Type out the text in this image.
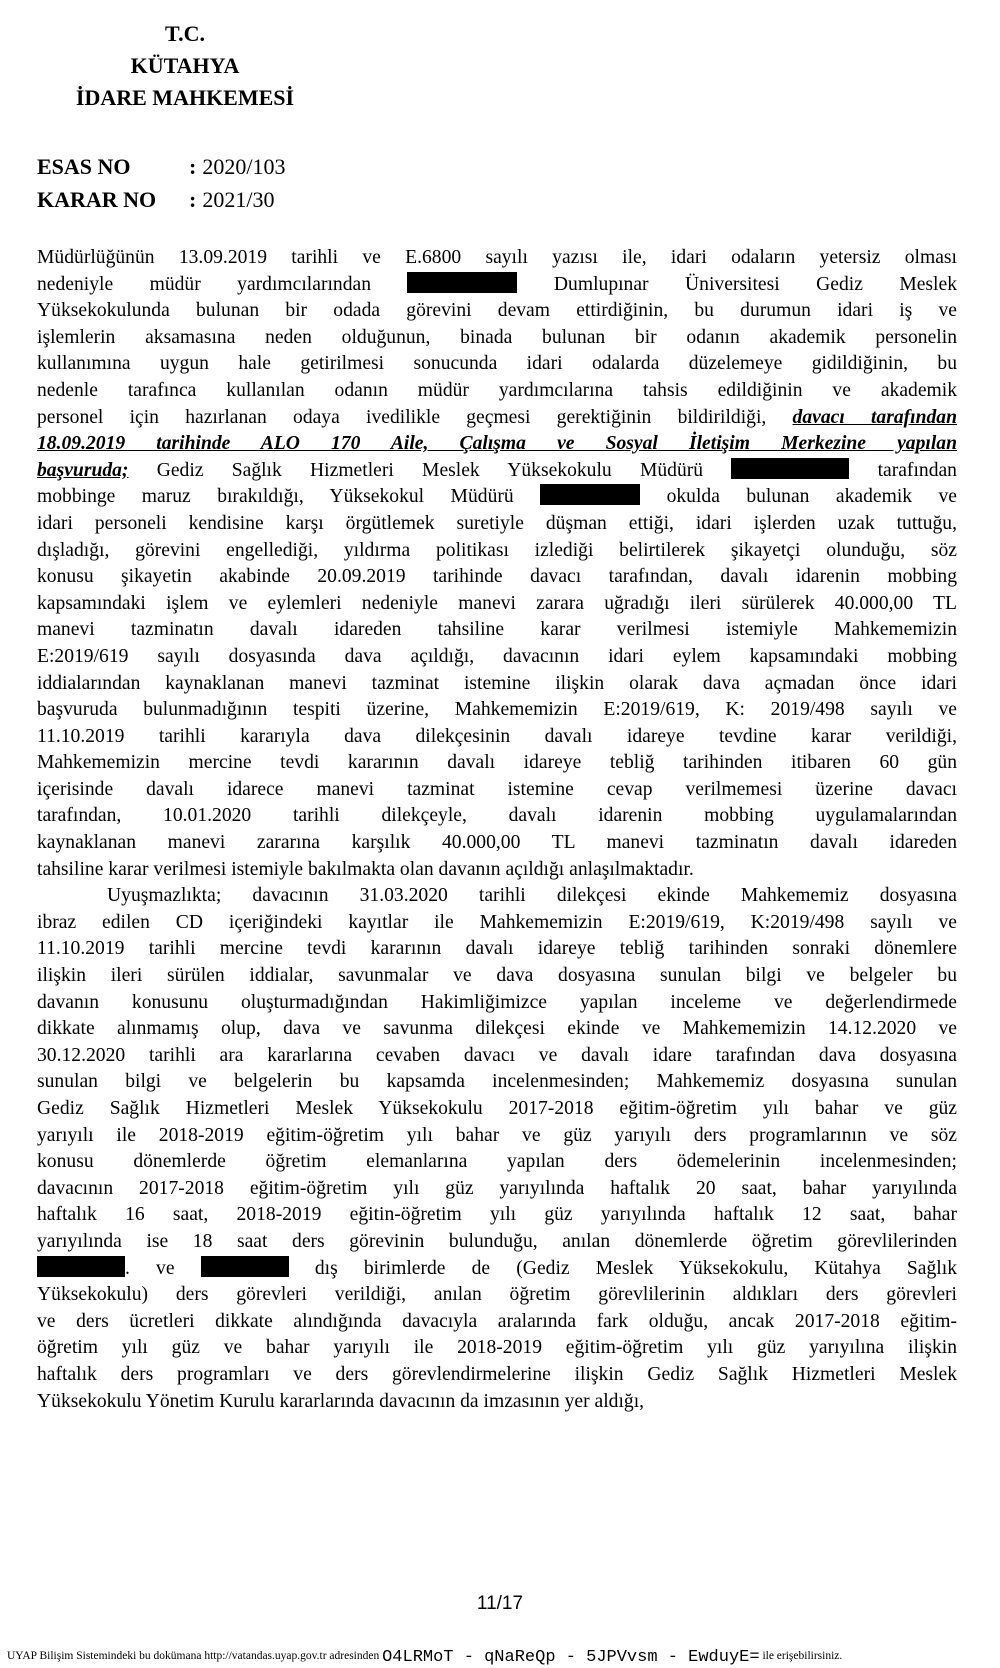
T.C.
KÜTAHYA
İDARE MAHKEMESİ
ESAS NO	: 2020/103
KARAR NO	: 2021/30

Müdürlüğünün 13.09.2019 tarihli ve E.6800 sayılı yazısı ile, idari odaların yetersiz olması
nedeniyle müdür yardımcılarından	Dumlupınar Üniversitesi Gediz Meslek
Yüksekokulunda bulunan bir odada görevini devam ettirdiğinin, bu durumun idari iş ve
işlemlerin aksamasına neden olduğunun, binada bulunan bir odanın akademik personelin
kullanımına uygun hale getirilmesi sonucunda idari odalarda düzelemeye gidildiğinin, bu
nedenle tarafınca kullanılan odanın müdür yardımcılarına tahsis edildiğinin ve akademik
personel için hazırlanan odaya ivedilikle geçmesi gerektiğinin bildirildiği, davacı tarafından
18.09.2019 tarihinde ALO 170 Aile, Çalışma ve Sosyal İletişim Merkezine yapılan
başvuruda; Gediz Sağlık Hizmetleri Meslek Yüksekokulu Müdürü	tarafından
mobbinge maruz bırakıldığı, Yüksekokul Müdürü	okulda bulunan akademik ve
idari personeli kendisine karşı örgütlemek suretiyle düşman ettiği, idari işlerden uzak tuttuğu,
dışladığı, görevini engellediği, yıldırma politikası izlediği belirtilerek şikayetçi olunduğu, söz
konusu şikayetin akabinde 20.09.2019 tarihinde davacı tarafından, davalı idarenin mobbing
kapsamındaki işlem ve eylemleri nedeniyle manevi zarara uğradığı ileri sürülerek 40.000,00 TL
manevi tazminatın davalı idareden tahsiline karar verilmesi istemiyle Mahkememizin
E:2019/619 sayılı dosyasında dava açıldığı, davacının idari eylem kapsamındaki mobbing
iddialarından kaynaklanan manevi tazminat istemine ilişkin olarak dava açmadan önce idari
başvuruda bulunmadığının tespiti üzerine, Mahkememizin E:2019/619, K: 2019/498 sayılı ve
11.10.2019 tarihli kararıyla dava dilekçesinin davalı idareye tevdine karar verildiği,
Mahkememizin mercine tevdi kararının davalı idareye tebliğ tarihinden itibaren 60 gün
içerisinde davalı idarece manevi tazminat istemine cevap verilmemesi üzerine davacı
tarafından, 10.01.2020 tarihli dilekçeyle, davalı idarenin mobbing uygulamalarından
kaynaklanan manevi zararına karşılık 40.000,00 TL manevi tazminatın davalı idareden
tahsiline karar verilmesi istemiyle bakılmakta olan davanın açıldığı anlaşılmaktadır.

Uyuşmazlıkta; davacının 31.03.2020 tarihli dilekçesi ekinde Mahkememiz dosyasına
ibraz edilen CD içeriğindeki kayıtlar ile Mahkememizin E:2019/619, K:2019/498 sayılı ve
11.10.2019 tarihli mercine tevdi kararının davalı idareye tebliğ tarihinden sonraki dönemlere
ilişkin ileri sürülen iddialar, savunmalar ve dava dosyasına sunulan bilgi ve belgeler bu
davanın konusunu oluşturmadığından Hakimliğimizce yapılan inceleme ve değerlendirmede
dikkate alınmamış olup, dava ve savunma dilekçesi ekinde ve Mahkememizin 14.12.2020 ve
30.12.2020 tarihli ara kararlarına cevaben davacı ve davalı idare tarafından dava dosyasına
sunulan bilgi ve belgelerin bu kapsamda incelenmesinden; Mahkememiz dosyasına sunulan
Gediz Sağlık Hizmetleri Meslek Yüksekokulu 2017-2018 eğitim-öğretim yılı bahar ve güz
yarıyılı ile 2018-2019 eğitim-öğretim yılı bahar ve güz yarıyılı ders programlarının ve söz
konusu dönemlerde öğretim elemanlarına yapılan ders ödemelerinin incelenmesinden;
davacının 2017-2018 eğitim-öğretim yılı güz yarıyılında haftalık 20 saat, bahar yarıyılında
haftalık 16 saat, 2018-2019 eğitin-öğretim yılı güz yarıyılında haftalık 12 saat, bahar
yarıyılında ise 18 saat ders görevinin bulunduğu, anılan dönemlerde öğretim görevlilerinden
. ve	dış birimlerde de (Gediz Meslek Yüksekokulu, Kütahya Sağlık
Yüksekokulu) ders görevleri verildiği, anılan öğretim görevlilerinin aldıkları ders görevleri
ve ders ücretleri dikkate alındığında davacıyla aralarında fark olduğu, ancak 2017-2018 eğitim-
öğretim yılı güz ve bahar yarıyılı ile 2018-2019 eğitim-öğretim yılı güz yarıyılına ilişkin
haftalık ders programları ve ders görevlendirmelerine ilişkin Gediz Sağlık Hizmetleri Meslek
Yüksekokulu Yönetim Kurulu kararlarında davacının da imzasının yer aldığı,

11/17
UYAP Bilişim Sistemindeki bu dokümana http://vatandas.uyap.gov.tr adresinden O4LRMoT - qNaReQp - 5JPVvsm - EwduyE= ile erişebilirsiniz.
